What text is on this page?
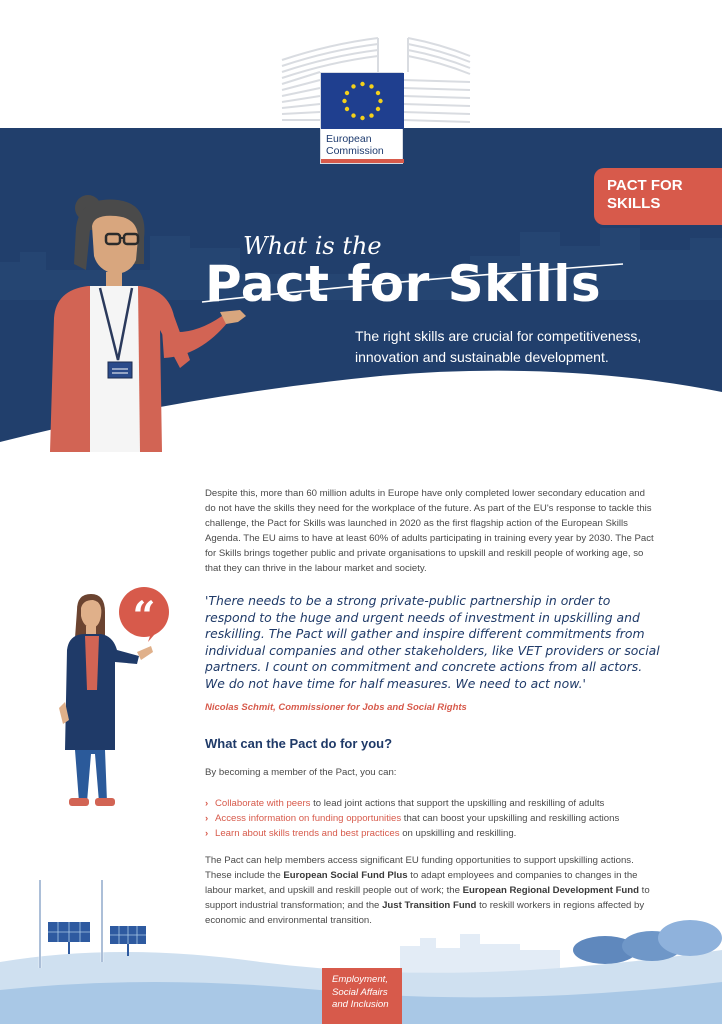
European
Commission
PACT FOR
SKILLS
What is the
Pact for Skills
The right skills are crucial for competitiveness,
innovation and sustainable development.

Despite this, more than 60 million adults in Europe have only completed lower secondary education and do not have the skills they need for the workplace of the future. As part of the EU's response to tackle this challenge, the Pact for Skills was launched in 2020 as the first flagship action of the European Skills Agenda. The EU aims to have at least 60% of adults participating in training every year by 2030. The Pact for Skills brings together public and private organisations to upskill and reskill people of working age, so that they can thrive in the labour market and society.

“	'There needs to be a strong private-public partnership in order to respond to the huge and urgent needs of investment in upskilling and reskilling. The Pact will gather and inspire different commitments from individual companies and other stakeholders, like VET providers or social partners. I count on commitment and concrete actions from all actors. We do not have time for half measures. We need to act now.'

Nicolas Schmit, Commissioner for Jobs and Social Rights
What can the Pact do for you?

By becoming a member of the Pact, you can:

› Collaborate with peers to lead joint actions that support the upskilling and reskilling of adults
› Access information on funding opportunities that can boost your upskilling and reskilling actions
› Learn about skills trends and best practices on upskilling and reskilling.

The Pact can help members access significant EU funding opportunities to support upskilling actions. These include the European Social Fund Plus to adapt employees and companies to changes in the labour market, and upskill and reskill people out of work; the European Regional Development Fund to support industrial transformation; and the Just Transition Fund to reskill workers in regions affected by economic and environmental transition.

Employment,
Social Affairs
and Inclusion
